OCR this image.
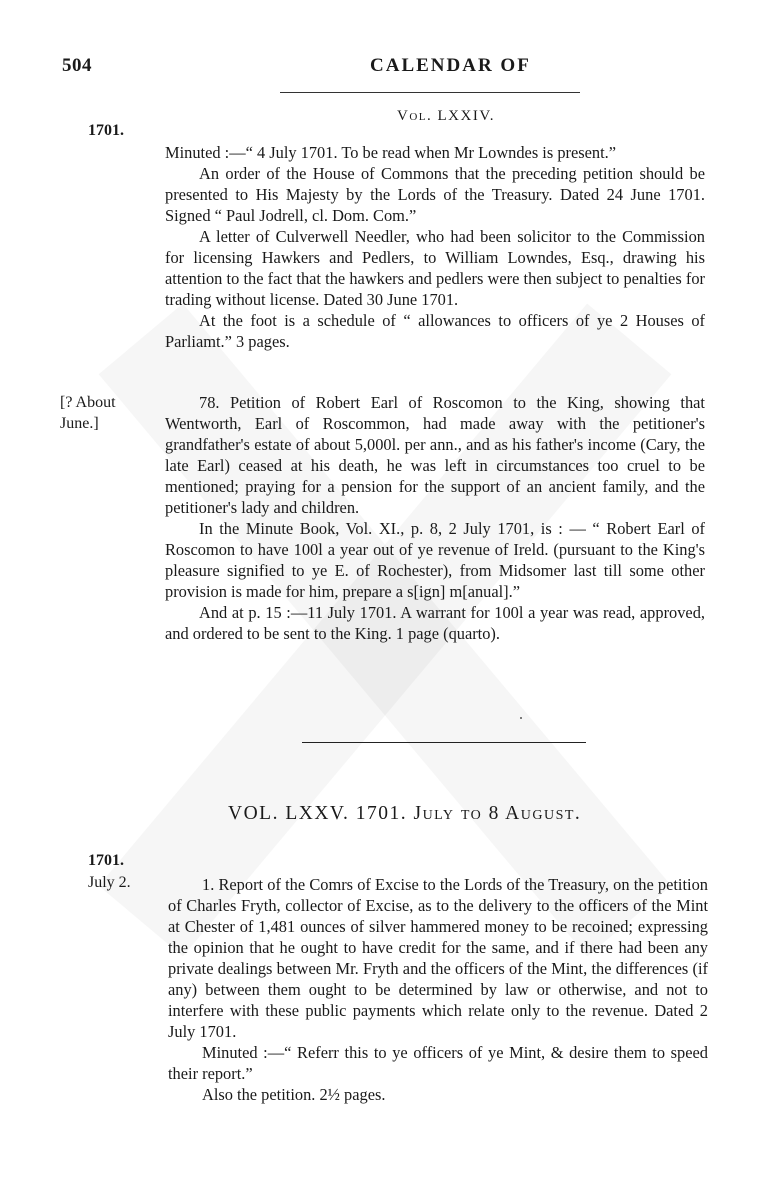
504	CALENDAR OF
Vol. LXXIV.
1701.

Minuted :—“ 4 July 1701. To be read when Mr Lowndes is present.”

An order of the House of Commons that the preceding petition should be presented to His Majesty by the Lords of the Treasury. Dated 24 June 1701. Signed “ Paul Jodrell, cl. Dom. Com.”

A letter of Culverwell Needler, who had been solicitor to the Commission for licensing Hawkers and Pedlers, to William Lowndes, Esq., drawing his attention to the fact that the hawkers and pedlers were then subject to penalties for trading without license. Dated 30 June 1701.

At the foot is a schedule of “ allowances to officers of ye 2 Houses of Parliamt.” 3 pages.

[? About June.]

78. Petition of Robert Earl of Roscomon to the King, showing that Wentworth, Earl of Roscommon, had made away with the petitioner's grandfather's estate of about 5,000l. per ann., and as his father's income (Cary, the late Earl) ceased at his death, he was left in circumstances too cruel to be mentioned; praying for a pension for the support of an ancient family, and the petitioner's lady and children.

In the Minute Book, Vol. XI., p. 8, 2 July 1701, is : — “ Robert Earl of Roscomon to have 100l a year out of ye revenue of Ireld. (pursuant to the King's pleasure signified to ye E. of Rochester), from Midsomer last till some other provision is made for him, prepare a s[ign] m[anual].”

And at p. 15 :—11 July 1701. A warrant for 100l a year was read, approved, and ordered to be sent to the King. 1 page (quarto).

VOL. LXXV. 1701. July to 8 August.
1701.
July 2.	1. Report of the Comrs of Excise to the Lords of the Treasury, on the petition of Charles Fryth, collector of Excise, as to the delivery to the officers of the Mint at Chester of 1,481 ounces of silver hammered money to be recoined; expressing the opinion that he ought to have credit for the same, and if there had been any private dealings between Mr. Fryth and the officers of the Mint, the differences (if any) between them ought to be determined by law or otherwise, and not to interfere with these public payments which relate only to the revenue. Dated 2 July 1701.

Minuted :—“ Referr this to ye officers of ye Mint, & desire them to speed their report.”

Also the petition. 2½ pages.
